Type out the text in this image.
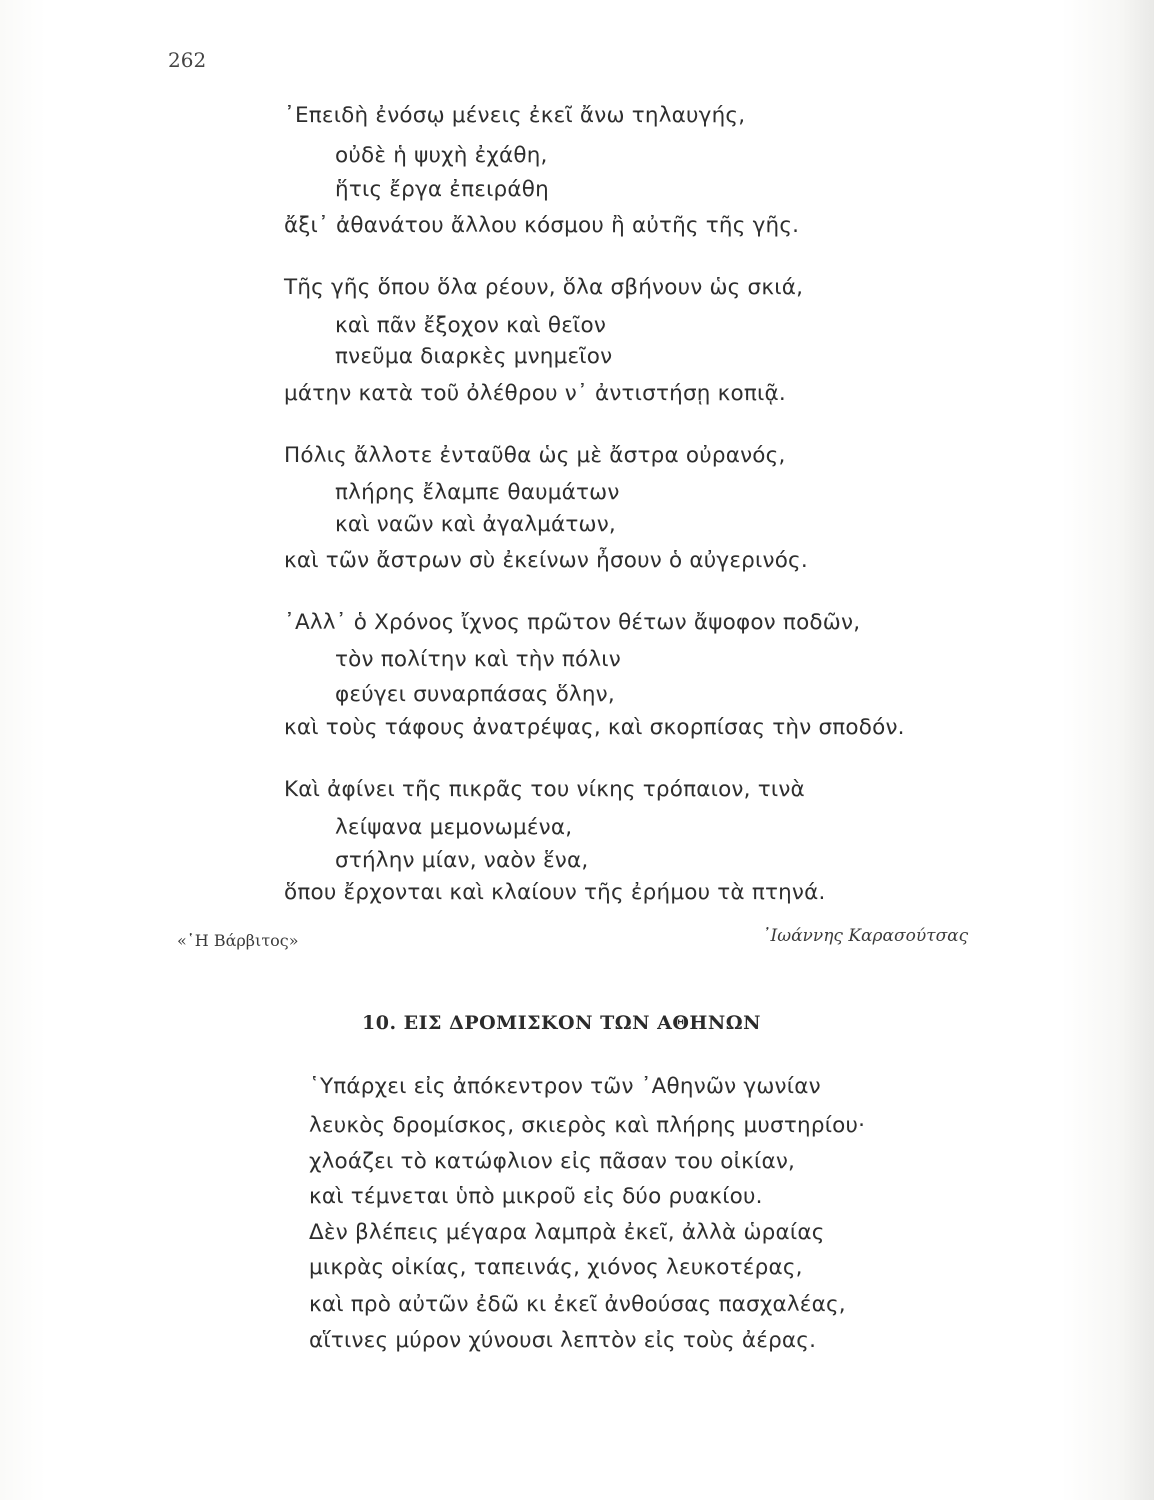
262
᾿Επειδὴ ἐνόσῳ μένεις ἐκεῖ ἄνω τηλαυγής,
οὐδὲ ἡ ψυχὴ ἐχάθη,
ἥτις ἔργα ἐπειράθη
ἄξι᾿ ἀθανάτου ἄλλου κόσμου ἢ αὐτῆς τῆς γῆς.
Τῆς γῆς ὅπου ὅλα ρέουν, ὅλα σβήνουν ὡς σκιά,
καὶ πᾶν ἔξοχον καὶ θεῖον
πνεῦμα διαρκὲς μνημεῖον
μάτην κατὰ τοῦ ὀλέθρου ν᾿ ἀντιστήσῃ κοπιᾷ.
Πόλις ἄλλοτε ἐνταῦθα ὡς μὲ ἄστρα οὐρανός,
πλήρης ἔλαμπε θαυμάτων
καὶ ναῶν καὶ ἀγαλμάτων,
καὶ τῶν ἄστρων σὺ ἐκείνων ἦσουν ὁ αὐγερινός.
᾿Αλλ᾿ ὁ Χρόνος ἴχνος πρῶτον θέτων ἄψοφον ποδῶν,
τὸν πολίτην καὶ τὴν πόλιν
φεύγει συναρπάσας ὅλην,
καὶ τοὺς τάφους ἀνατρέψας, καὶ σκορπίσας τὴν σποδόν.
Καὶ ἀφίνει τῆς πικρᾶς του νίκης τρόπαιον, τινὰ
λείψανα μεμονωμένα,
στήλην μίαν, ναὸν ἕνα,
ὅπου ἔρχονται καὶ κλαίουν τῆς ἐρήμου τὰ πτηνά.
«῾Η Βάρβιτος»	᾿Ιωάννης Καρασούτσας
10. ΕΙΣ ΔΡΟΜΙΣΚΟΝ ΤΩΝ ΑΘΗΝΩΝ
῾Υπάρχει εἰς ἀπόκεντρον τῶν ᾿Αθηνῶν γωνίαν
λευκὸς δρομίσκος, σκιερὸς καὶ πλήρης μυστηρίου·
χλοάζει τὸ κατώφλιον εἰς πᾶσαν του οἰκίαν,
καὶ τέμνεται ὑπὸ μικροῦ εἰς δύο ρυακίου.
Δὲν βλέπεις μέγαρα λαμπρὰ ἐκεῖ, ἀλλὰ ὡραίας
μικρὰς οἰκίας, ταπεινάς, χιόνος λευκοτέρας,
καὶ πρὸ αὐτῶν ἐδῶ κι ἐκεῖ ἀνθούσας πασχαλέας,
αἵτινες μύρον χύνουσι λεπτὸν εἰς τοὺς ἀέρας.
